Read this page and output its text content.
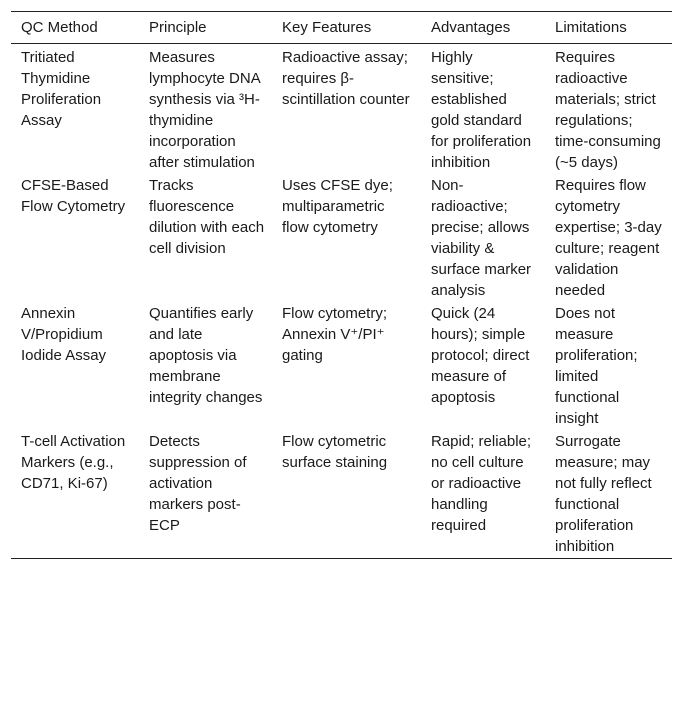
QC Method	Principle	Key Features	Advantages	Limitations
Tritiated Thymidine Proliferation Assay	Measures lymphocyte DNA synthesis via ³H-thymidine incorporation after stimulation	Radioactive assay; requires β-scintillation counter	Highly sensitive; established gold standard for proliferation inhibition	Requires radioactive materials; strict regulations; time-consuming (~5 days)
CFSE-Based Flow Cytometry	Tracks fluorescence dilution with each cell division	Uses CFSE dye; multiparametric flow cytometry	Non-radioactive; precise; allows viability & surface marker analysis	Requires flow cytometry expertise; 3-day culture; reagent validation needed
Annexin V/Propidium Iodide Assay	Quantifies early and late apoptosis via membrane integrity changes	Flow cytometry; Annexin V⁺/PI⁺ gating	Quick (24 hours); simple protocol; direct measure of apoptosis	Does not measure proliferation; limited functional insight
T-cell Activation Markers (e.g., CD71, Ki-67)	Detects suppression of activation markers post-ECP	Flow cytometric surface staining	Rapid; reliable; no cell culture or radioactive handling required	Surrogate measure; may not fully reflect functional proliferation inhibition
